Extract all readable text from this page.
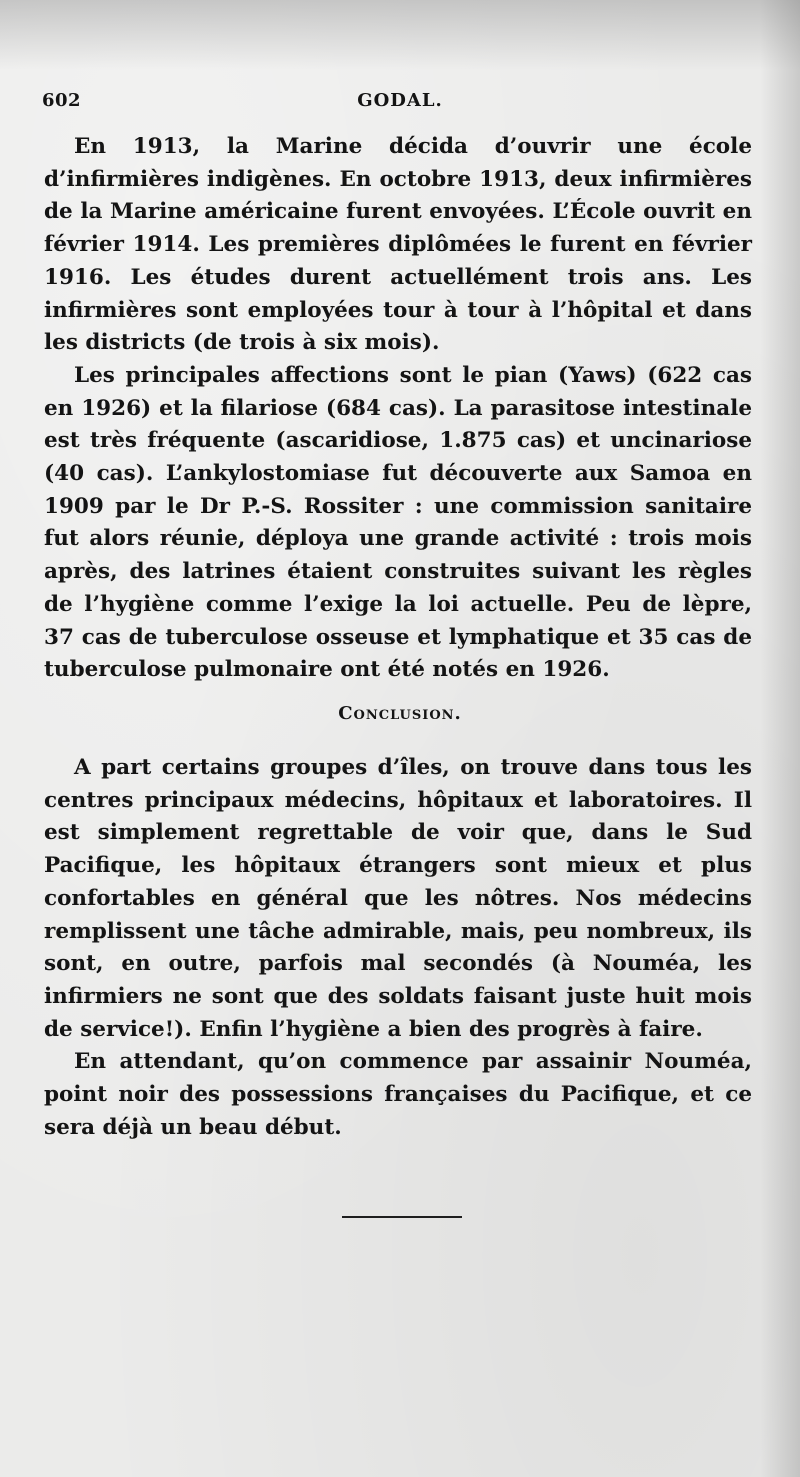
602	GODAL.

En 1913, la Marine décida d’ouvrir une école d’infirmières indigènes. En octobre 1913, deux infirmières de la Marine américaine furent envoyées. L’École ouvrit en février 1914. Les premières diplômées le furent en février 1916. Les études durent actuellément trois ans. Les infirmières sont employées tour à tour à l’hôpital et dans les districts (de trois à six mois).

Les principales affections sont le pian (Yaws) (622 cas en 1926) et la filariose (684 cas). La parasitose intestinale est très fréquente (ascaridiose, 1.875 cas) et uncinariose (40 cas). L’ankylostomiase fut découverte aux Samoa en 1909 par le Dr P.-S. Rossiter : une commission sanitaire fut alors réunie, déploya une grande activité : trois mois après, des latrines étaient construites suivant les règles de l’hygiène comme l’exige la loi actuelle. Peu de lèpre, 37 cas de tuberculose osseuse et lymphatique et 35 cas de tuberculose pulmonaire ont été notés en 1926.

Conclusion.

A part certains groupes d’îles, on trouve dans tous les centres principaux médecins, hôpitaux et laboratoires. Il est simplement regrettable de voir que, dans le Sud Pacifique, les hôpitaux étrangers sont mieux et plus confortables en général que les nôtres. Nos médecins remplissent une tâche admirable, mais, peu nombreux, ils sont, en outre, parfois mal secondés (à Nouméa, les infirmiers ne sont que des soldats faisant juste huit mois de service!). Enfin l’hygiène a bien des progrès à faire.

En attendant, qu’on commence par assainir Nouméa, point noir des possessions françaises du Pacifique, et ce sera déjà un beau début.
